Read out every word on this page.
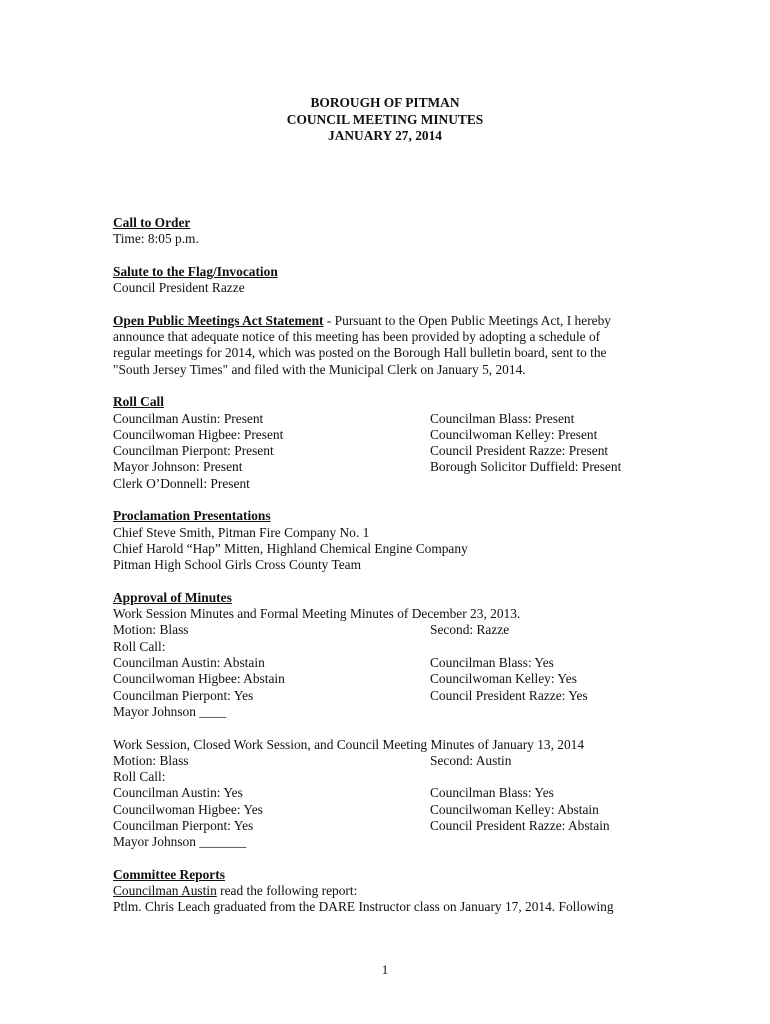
BOROUGH OF PITMAN
COUNCIL MEETING MINUTES
JANUARY 27, 2014
Call to Order
Time: 8:05 p.m.
Salute to the Flag/Invocation
Council President Razze
Open Public Meetings Act Statement - Pursuant to the Open Public Meetings Act, I hereby
announce that adequate notice of this meeting has been provided by adopting a schedule of
regular meetings for 2014, which was posted on the Borough Hall bulletin board, sent to the
"South Jersey Times" and filed with the Municipal Clerk on January 5, 2014.
Roll Call
Councilman Austin: Present	Councilman Blass: Present
Councilwoman Higbee: Present	Councilwoman Kelley: Present
Councilman Pierpont: Present	Council President Razze: Present
Mayor Johnson: Present	Borough Solicitor Duffield: Present
Clerk O’Donnell: Present
Proclamation Presentations
Chief Steve Smith, Pitman Fire Company No. 1
Chief Harold “Hap” Mitten, Highland Chemical Engine Company
Pitman High School Girls Cross County Team
Approval of Minutes
Work Session Minutes and Formal Meeting Minutes of December 23, 2013.
Motion: Blass	Second: Razze
Roll Call:
Councilman Austin: Abstain	Councilman Blass: Yes
Councilwoman Higbee: Abstain	Councilwoman Kelley: Yes
Councilman Pierpont: Yes	Council President Razze: Yes
Mayor Johnson ____
Work Session, Closed Work Session, and Council Meeting Minutes of January 13, 2014
Motion: Blass	Second: Austin
Roll Call:
Councilman Austin: Yes	Councilman Blass: Yes
Councilwoman Higbee: Yes	Councilwoman Kelley: Abstain
Councilman Pierpont: Yes	Council President Razze: Abstain
Mayor Johnson _______
Committee Reports
Councilman Austin read the following report:
Ptlm. Chris Leach graduated from the DARE Instructor class on January 17, 2014. Following
1
